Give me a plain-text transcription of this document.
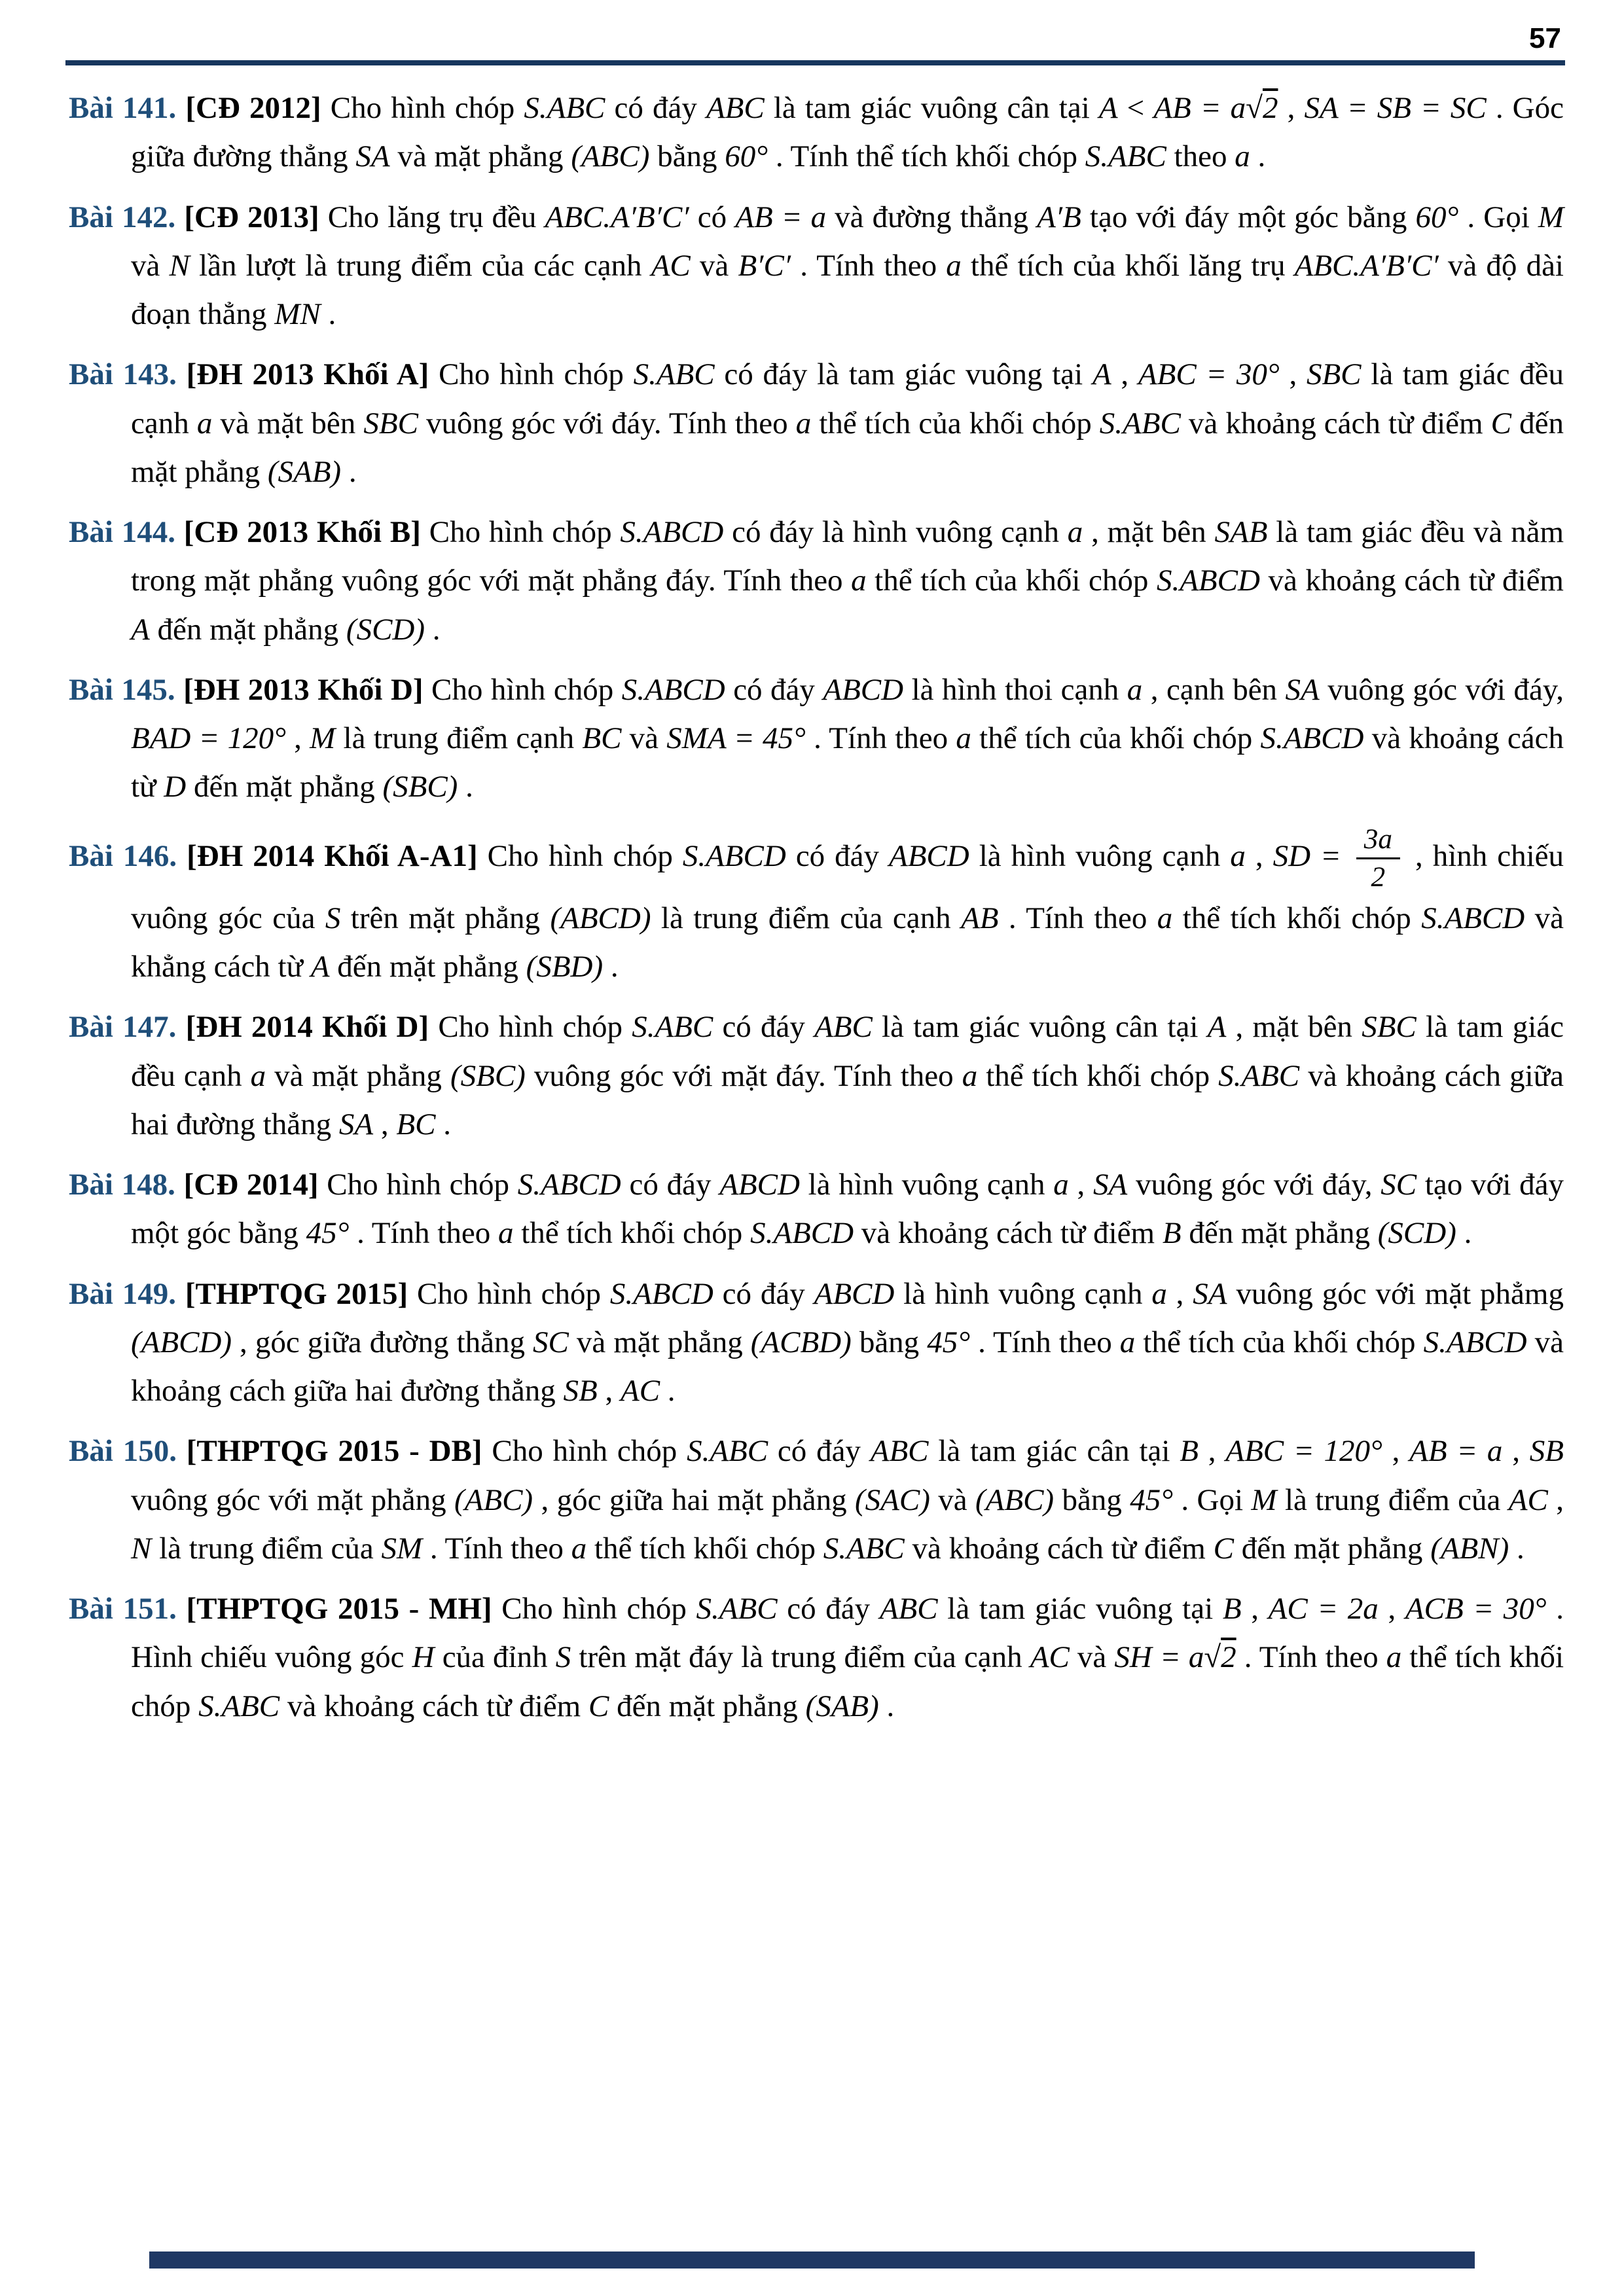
57
Bài 141. [CĐ 2012] Cho hình chóp S.ABC có đáy ABC là tam giác vuông cân tại A < AB = a√2 , SA = SB = SC . Góc giữa đường thẳng SA và mặt phẳng (ABC) bằng 60° . Tính thể tích khối chóp S.ABC theo a .
Bài 142. [CĐ 2013] Cho lăng trụ đều ABC.A′B′C′ có AB = a và đường thẳng A′B tạo với đáy một góc bằng 60° . Gọi M và N lần lượt là trung điểm của các cạnh AC và B′C′ . Tính theo a thể tích của khối lăng trụ ABC.A′B′C′ và độ dài đoạn thẳng MN .
Bài 143. [ĐH 2013 Khối A] Cho hình chóp S.ABC có đáy là tam giác vuông tại A , ABC = 30° , SBC là tam giác đều cạnh a và mặt bên SBC vuông góc với đáy. Tính theo a thể tích của khối chóp S.ABC và khoảng cách từ điểm C đến mặt phẳng (SAB) .
Bài 144. [CĐ 2013 Khối B] Cho hình chóp S.ABCD có đáy là hình vuông cạnh a , mặt bên SAB là tam giác đều và nằm trong mặt phẳng vuông góc với mặt phẳng đáy. Tính theo a thể tích của khối chóp S.ABCD và khoảng cách từ điểm A đến mặt phẳng (SCD) .
Bài 145. [ĐH 2013 Khối D] Cho hình chóp S.ABCD có đáy ABCD là hình thoi cạnh a , cạnh bên SA vuông góc với đáy, BAD = 120° , M là trung điểm cạnh BC và SMA = 45° . Tính theo a thể tích của khối chóp S.ABCD và khoảng cách từ D đến mặt phẳng (SBC) .
Bài 146. [ĐH 2014 Khối A-A1] Cho hình chóp S.ABCD có đáy ABCD là hình vuông cạnh a , SD = $\frac{3a}{2}$ , hình chiếu vuông góc của S trên mặt phẳng (ABCD) là trung điểm của cạnh AB . Tính theo a thể tích khối chóp S.ABCD và khẳng cách từ A đến mặt phẳng (SBD) .
Bài 147. [ĐH 2014 Khối D] Cho hình chóp S.ABC có đáy ABC là tam giác vuông cân tại A , mặt bên SBC là tam giác đều cạnh a và mặt phẳng (SBC) vuông góc với mặt đáy. Tính theo a thể tích khối chóp S.ABC và khoảng cách giữa hai đường thẳng SA , BC .
Bài 148. [CĐ 2014] Cho hình chóp S.ABCD có đáy ABCD là hình vuông cạnh a , SA vuông góc với đáy, SC tạo với đáy một góc bằng 45° . Tính theo a thể tích khối chóp S.ABCD và khoảng cách từ điểm B đến mặt phẳng (SCD) .
Bài 149. [THPTQG 2015] Cho hình chóp S.ABCD có đáy ABCD là hình vuông cạnh a , SA vuông góc với mặt phẳmg (ABCD) , góc giữa đường thẳng SC và mặt phẳng (ACBD) bằng 45° . Tính theo a thể tích của khối chóp S.ABCD và khoảng cách giữa hai đường thẳng SB , AC .
Bài 150. [THPTQG 2015 - DB] Cho hình chóp S.ABC có đáy ABC là tam giác cân tại B , ABC = 120° , AB = a , SB vuông góc với mặt phẳng (ABC) , góc giữa hai mặt phẳng (SAC) và (ABC) bằng 45° . Gọi M là trung điểm của AC , N là trung điểm của SM . Tính theo a thể tích khối chóp S.ABC và khoảng cách từ điểm C đến mặt phẳng (ABN) .
Bài 151. [THPTQG 2015 - MH] Cho hình chóp S.ABC có đáy ABC là tam giác vuông tại B , AC = 2a , ACB = 30° . Hình chiếu vuông góc H của đỉnh S trên mặt đáy là trung điểm của cạnh AC và SH = a√2 . Tính theo a thể tích khối chóp S.ABC và khoảng cách từ điểm C đến mặt phẳng (SAB) .
